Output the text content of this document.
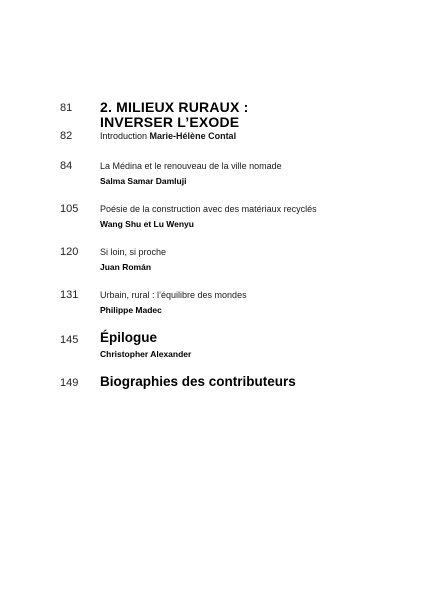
81 2. MILIEUX RURAUX :
INVERSER L’EXODE
82	Introduction Marie-Hélène Contal
84	La Médina et le renouveau de la ville nomade
Salma Samar Damluji
105 Poésie de la construction avec des matériaux recyclés
Wang Shu et Lu Wenyu
120 Si loin, si proche
Juan Román
131 Urbain, rural : l’équilibre des mondes
Philippe Madec
145 Épilogue
Christopher Alexander
149 Biographies des contributeurs
